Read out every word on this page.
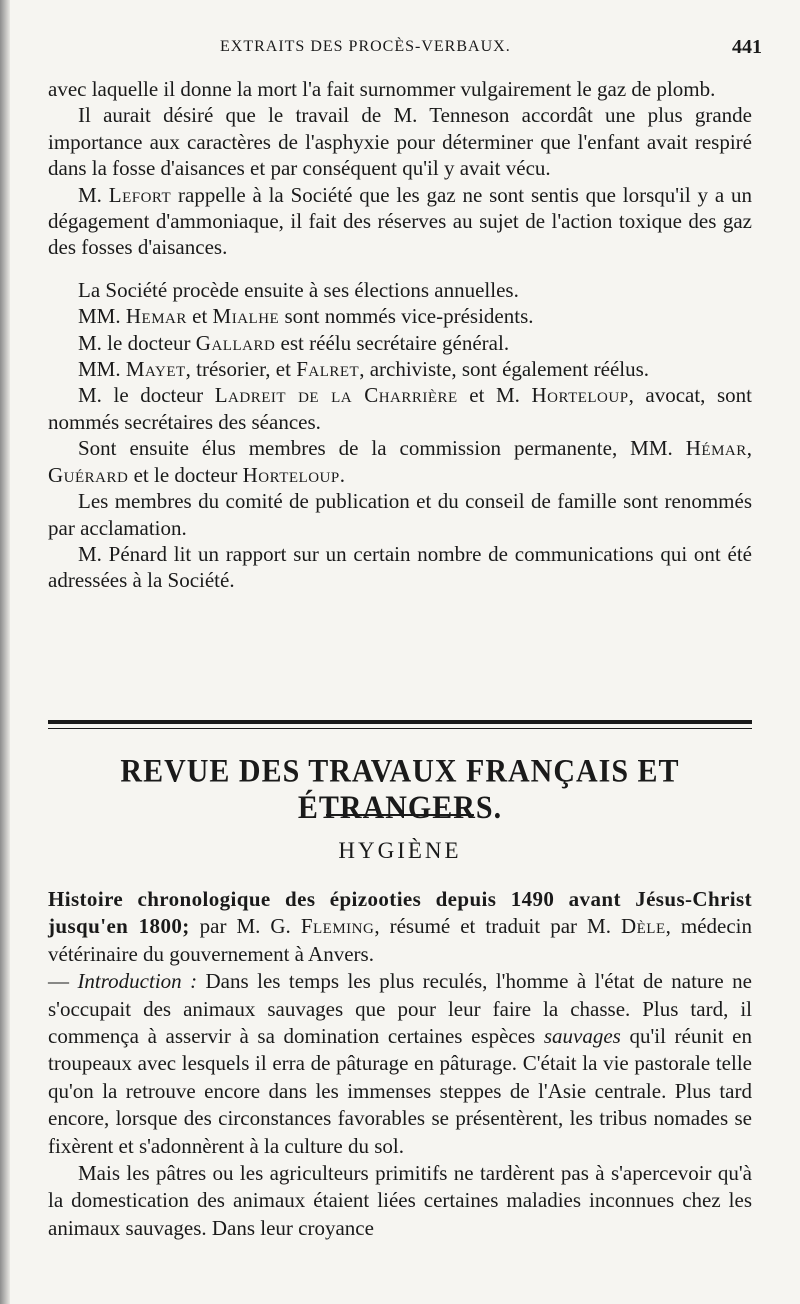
EXTRAITS DES PROCÈS-VERBAUX.	441

avec laquelle il donne la mort l'a fait surnommer vulgairement le gaz de plomb.

Il aurait désiré que le travail de M. Tenneson accordât une plus grande importance aux caractères de l'asphyxie pour déterminer que l'enfant avait respiré dans la fosse d'aisances et par conséquent qu'il y avait vécu.

M. Lefort rappelle à la Société que les gaz ne sont sentis que lorsqu'il y a un dégagement d'ammoniaque, il fait des réserves au sujet de l'action toxique des gaz des fosses d'aisances.

La Société procède ensuite à ses élections annuelles.

MM. Hemar et Mialhe sont nommés vice-présidents.

M. le docteur Gallard est réélu secrétaire général.

MM. Mayet, trésorier, et Falret, archiviste, sont également réélus.

M. le docteur Ladreit de la Charrière et M. Horteloup, avocat, sont nommés secrétaires des séances.

Sont ensuite élus membres de la commission permanente, MM. Hémar, Guérard et le docteur Horteloup.

Les membres du comité de publication et du conseil de famille sont renommés par acclamation.

M. Pénard lit un rapport sur un certain nombre de communications qui ont été adressées à la Société.

REVUE DES TRAVAUX FRANÇAIS ET ÉTRANGERS.
HYGIÈNE

Histoire chronologique des épizooties depuis 1490 avant Jésus-Christ jusqu'en 1800; par M. G. Fleming, résumé et traduit par M. Dèle, médecin vétérinaire du gouvernement à Anvers.
— Introduction : Dans les temps les plus reculés, l'homme à l'état de nature ne s'occupait des animaux sauvages que pour leur faire la chasse. Plus tard, il commença à asservir à sa domination certaines espèces sauvages qu'il réunit en troupeaux avec lesquels il erra de pâturage en pâturage. C'était la vie pastorale telle qu'on la retrouve encore dans les immenses steppes de l'Asie centrale. Plus tard encore, lorsque des circonstances favorables se présentèrent, les tribus nomades se fixèrent et s'adonnèrent à la culture du sol.

Mais les pâtres ou les agriculteurs primitifs ne tardèrent pas à s'apercevoir qu'à la domestication des animaux étaient liées certaines maladies inconnues chez les animaux sauvages. Dans leur croyance
